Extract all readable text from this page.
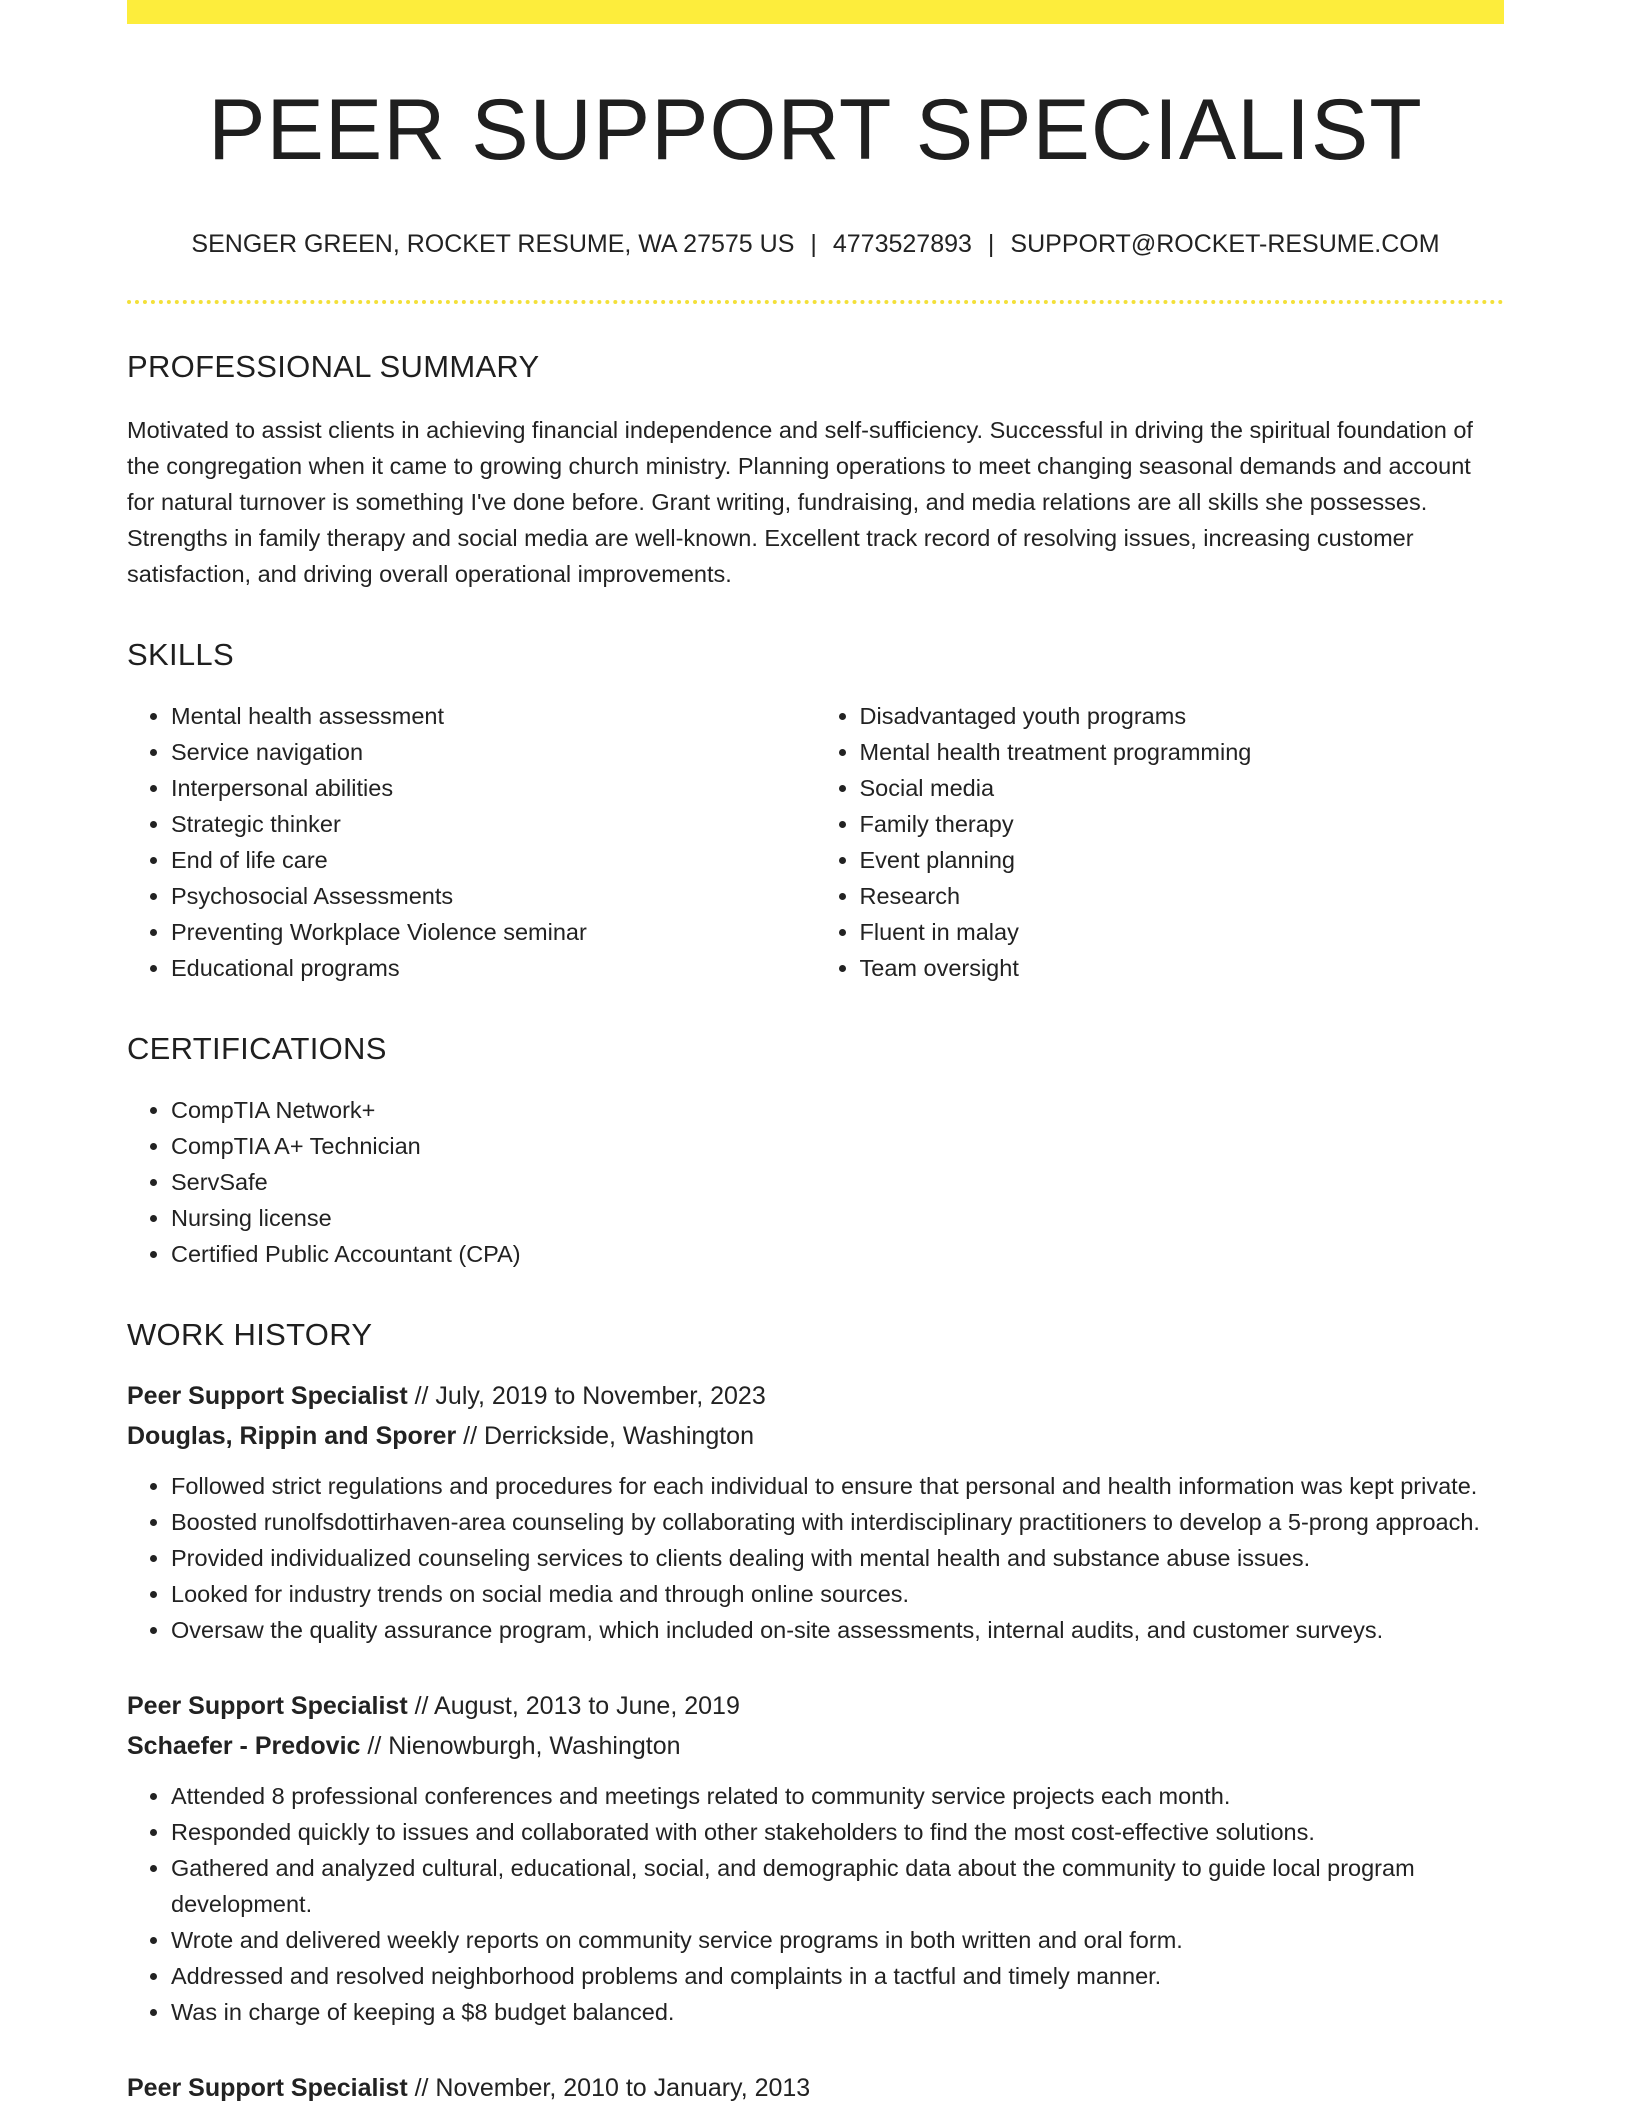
PEER SUPPORT SPECIALIST
SENGER GREEN, ROCKET RESUME, WA 27575 US | 4773527893 | SUPPORT@ROCKET-RESUME.COM
PROFESSIONAL SUMMARY

Motivated to assist clients in achieving financial independence and self-sufficiency. Successful in driving the spiritual foundation of the congregation when it came to growing church ministry. Planning operations to meet changing seasonal demands and account for natural turnover is something I've done before. Grant writing, fundraising, and media relations are all skills she possesses. Strengths in family therapy and social media are well-known. Excellent track record of resolving issues, increasing customer satisfaction, and driving overall operational improvements.

SKILLS
• Mental health assessment
• Service navigation
• Interpersonal abilities
• Strategic thinker
• End of life care
• Psychosocial Assessments
• Preventing Workplace Violence seminar
• Educational programs
• Disadvantaged youth programs
• Mental health treatment programming
• Social media
• Family therapy
• Event planning
• Research
• Fluent in malay
• Team oversight
CERTIFICATIONS
• CompTIA Network+
• CompTIA A+ Technician
• ServSafe
• Nursing license
• Certified Public Accountant (CPA)
WORK HISTORY
Peer Support Specialist // July, 2019 to November, 2023
Douglas, Rippin and Sporer // Derrickside, Washington
• Followed strict regulations and procedures for each individual to ensure that personal and health information was kept private.
• Boosted runolfsdottirhaven-area counseling by collaborating with interdisciplinary practitioners to develop a 5-prong approach.
• Provided individualized counseling services to clients dealing with mental health and substance abuse issues.
• Looked for industry trends on social media and through online sources.
• Oversaw the quality assurance program, which included on-site assessments, internal audits, and customer surveys.
Peer Support Specialist // August, 2013 to June, 2019
Schaefer - Predovic // Nienowburgh, Washington
• Attended 8 professional conferences and meetings related to community service projects each month.
• Responded quickly to issues and collaborated with other stakeholders to find the most cost-effective solutions.
• Gathered and analyzed cultural, educational, social, and demographic data about the community to guide local program development.
• Wrote and delivered weekly reports on community service programs in both written and oral form.
• Addressed and resolved neighborhood problems and complaints in a tactful and timely manner.
• Was in charge of keeping a $8 budget balanced.
Peer Support Specialist // November, 2010 to January, 2013
